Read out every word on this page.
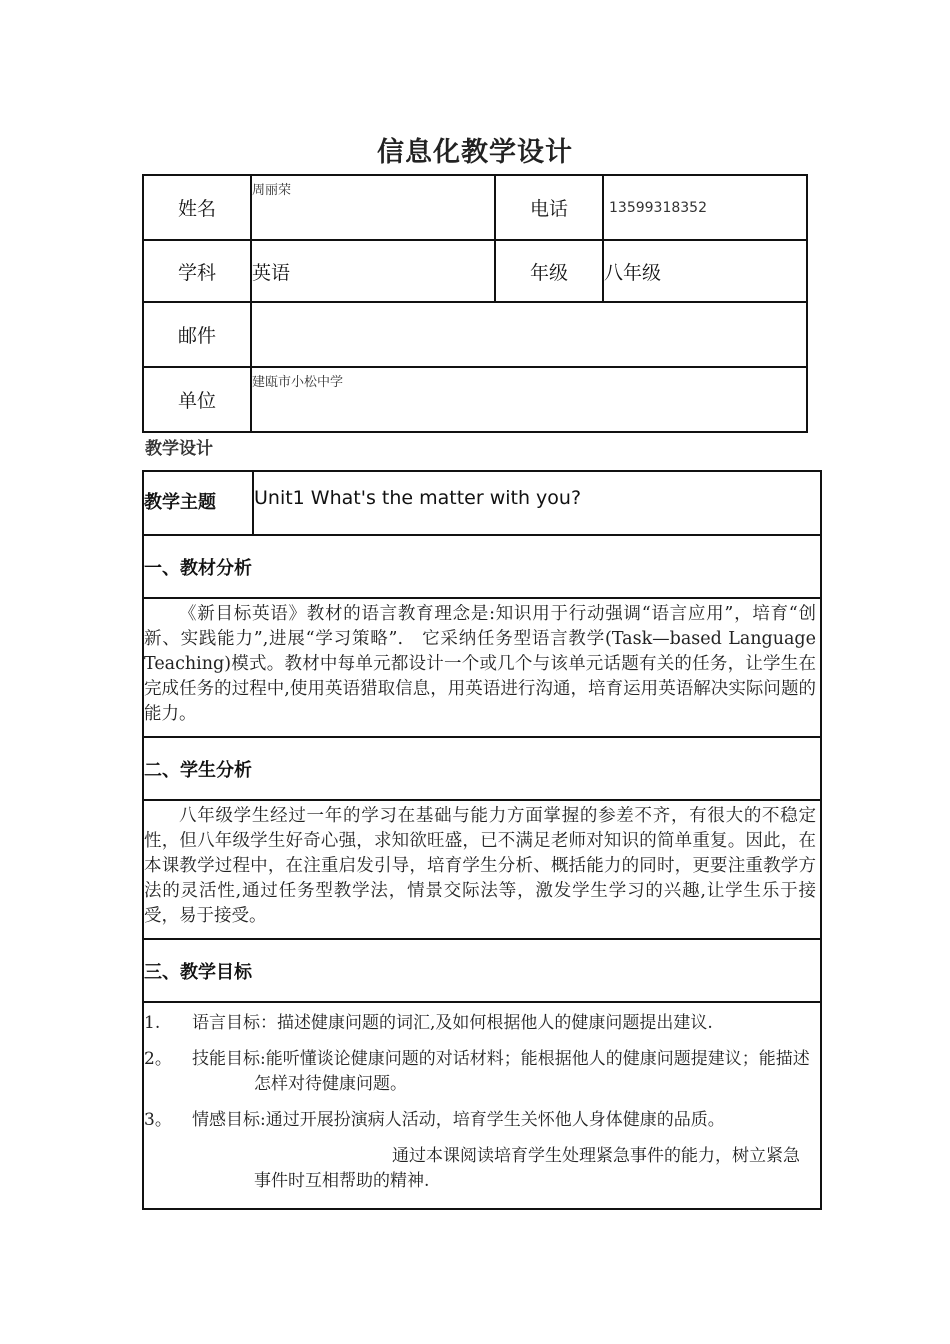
信息化教学设计
姓名	周丽荣	电话	13599318352
学科	英语	年级	八年级
邮件			
单位	建瓯市小松中学		
教学设计
教学主题	Unit1 What's the matter with you?
一、教材分析

《新目标英语》教材的语言教育理念是:知识用于行动强调“语言应用”，培育“创新、实践能力”,进展“学习策略”.　它采纳任务型语言教学(Task—based Language Teaching)模式。教材中每单元都设计一个或几个与该单元话题有关的任务，让学生在完成任务的过程中,使用英语猎取信息，用英语进行沟通，培育运用英语解决实际问题的能力。

二、学生分析

八年级学生经过一年的学习在基础与能力方面掌握的参差不齐，有很大的不稳定性，但八年级学生好奇心强，求知欲旺盛，已不满足老师对知识的简单重复。因此，在本课教学过程中，在注重启发引导，培育学生分析、概括能力的同时，更要注重教学方法的灵活性,通过任务型教学法，情景交际法等，激发学生学习的兴趣,让学生乐于接受，易于接受。

三、教学目标

1.	语言目标：描述健康问题的词汇,及如何根据他人的健康问题提出建议.
2。	技能目标:能听懂谈论健康问题的对话材料；能根据他人的健康问题提建议；能描述怎样对待健康问题。
3。	情感目标:通过开展扮演病人活动，培育学生关怀他人身体健康的品质。
通过本课阅读培育学生处理紧急事件的能力，树立紧急事件时互相帮助的精神.
